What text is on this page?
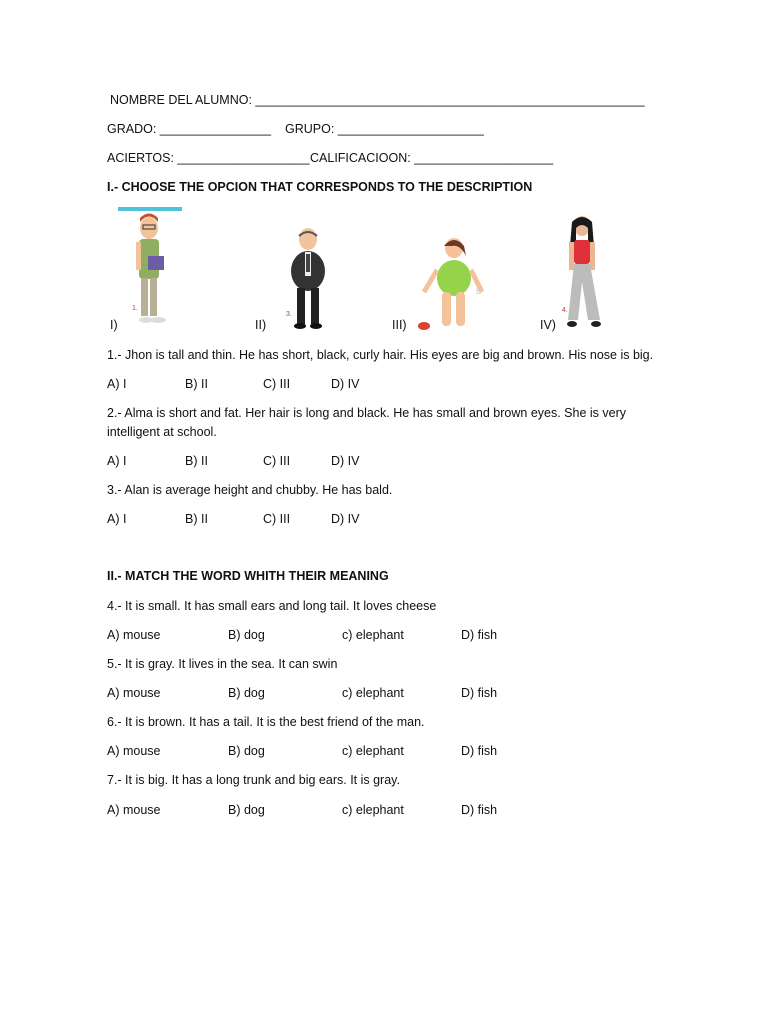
NOMBRE DEL ALUMNO: ________________________________________________________
GRADO: ________________ GRUPO: _____________________
ACIERTOS: ___________________ CALIFICACIOON: ____________________
I.- CHOOSE THE OPCION THAT CORRESPONDS TO THE DESCRIPTION
1.
3.
E
4.
I)	II)	III)	IV)
1.- Jhon is tall and thin. He has short, black, curly hair. His eyes are big and brown. His nose is big.
A) I	B) II	C) III	D) IV
2.- Alma is short and fat. Her hair is long and black. He has small and brown eyes. She is very
intelligent at school.
A) I	B) II	C) III	D) IV
3.- Alan is average height and chubby. He has bald.
A) I	B) II	C) III	D) IV
II.- MATCH THE WORD WHITH THEIR MEANING
4.- It is small. It has small ears and long tail. It loves cheese
A) mouse	B) dog	c) elephant	D) fish
5.- It is gray. It lives in the sea. It can swin
A) mouse	B) dog	c) elephant	D) fish
6.- It is brown. It has a tail. It is the best friend of the man.
A) mouse	B) dog	c) elephant	D) fish
7.- It is big. It has a long trunk and big ears. It is gray.
A) mouse	B) dog	c) elephant	D) fish
